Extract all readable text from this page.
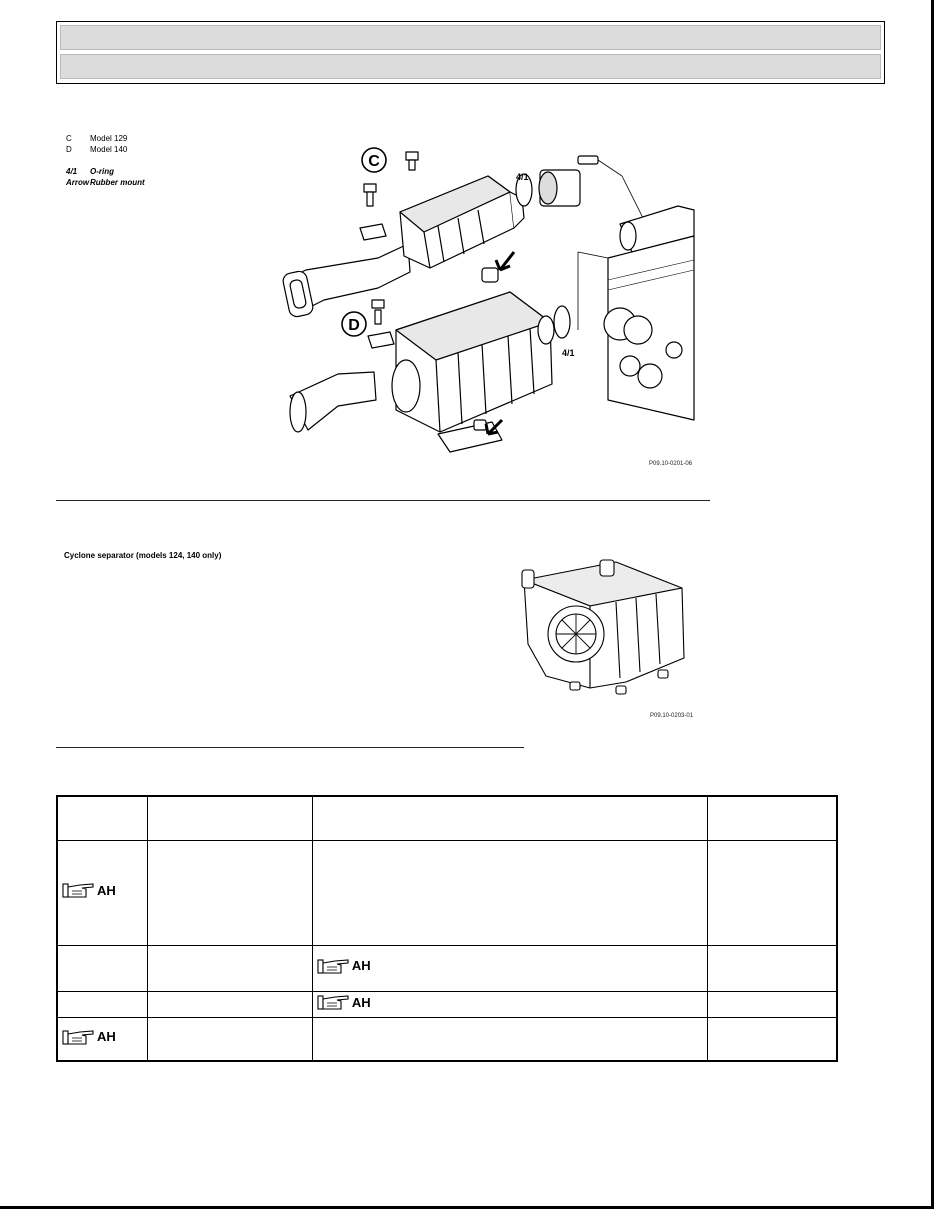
C	Model 129
D	Model 140
4/1	O-ring
Arrow Rubber mount
C
D
4/1
4/1
P09.10-0201-06
Cyclone separator (models 124, 140 only)
P09.10-0203-01

AH			

		AH	

		AH	

AH			
